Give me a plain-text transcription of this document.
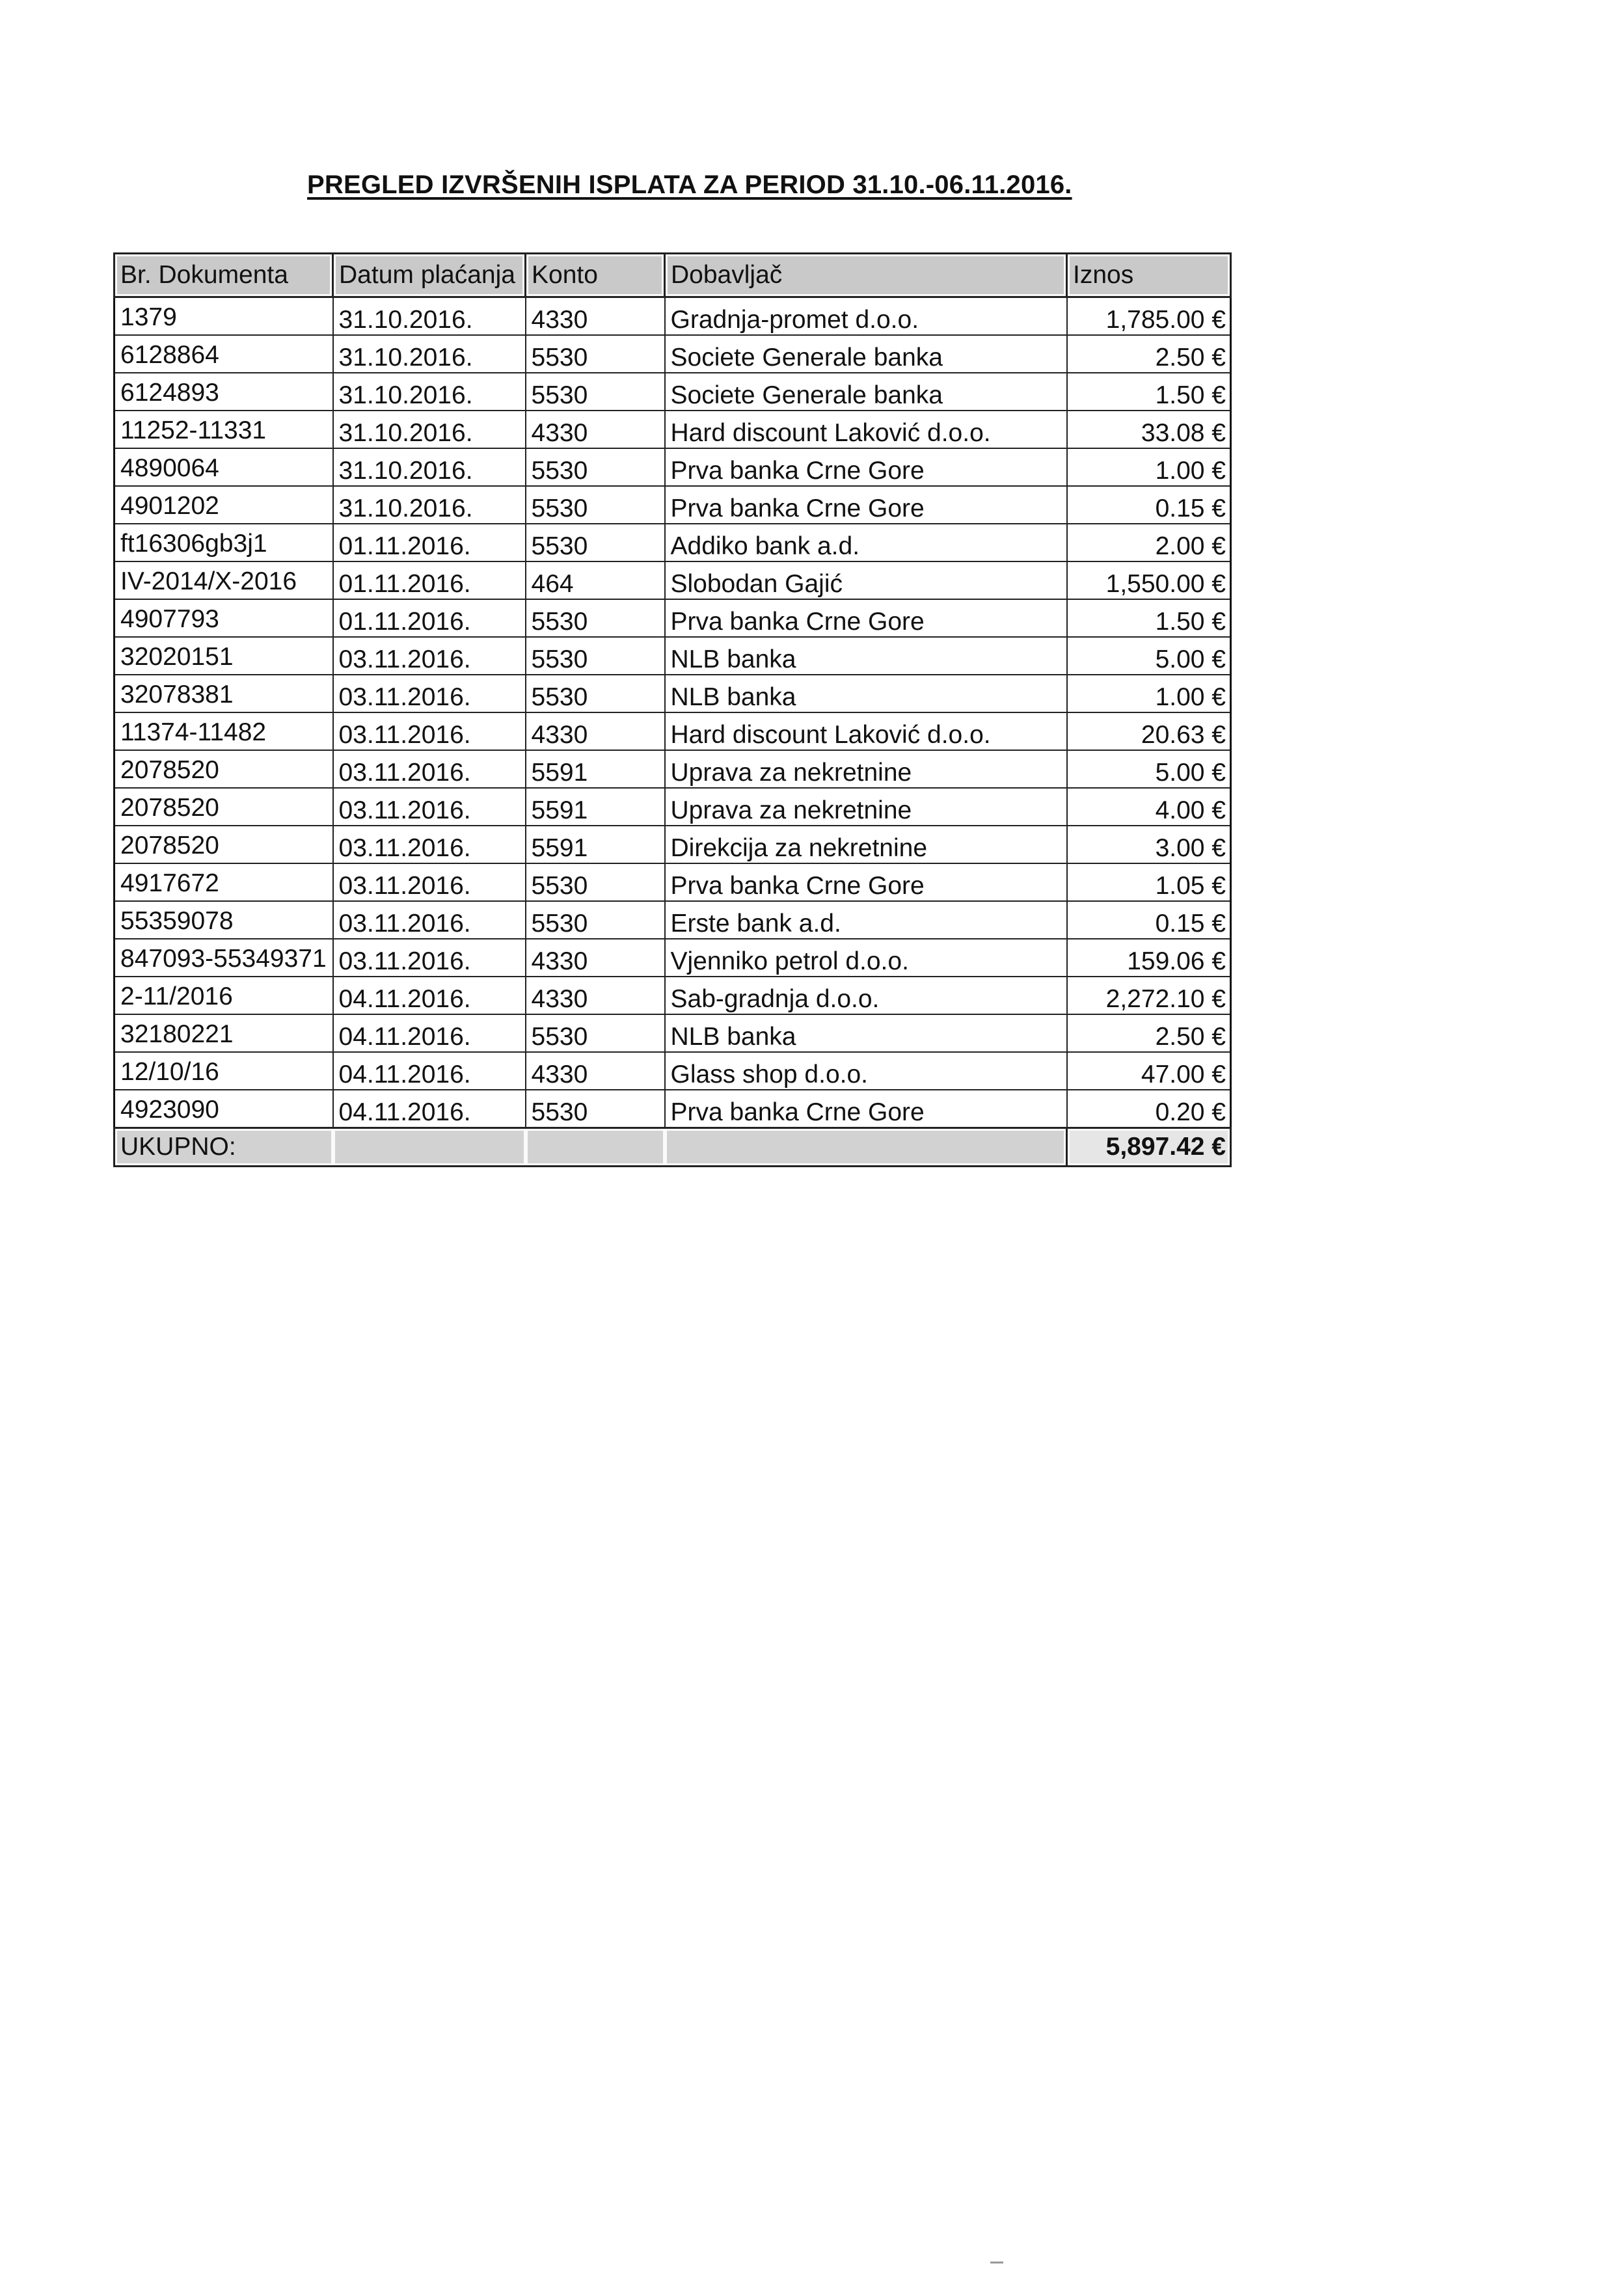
PREGLED IZVRŠENIH ISPLATA ZA PERIOD 31.10.-06.11.2016.
Br. Dokumenta	Datum plaćanja	Konto	Dobavljač	Iznos
1379	31.10.2016.	4330	Gradnja-promet d.o.o.	1,785.00 €
6128864	31.10.2016.	5530	Societe Generale banka	2.50 €
6124893	31.10.2016.	5530	Societe Generale banka	1.50 €
11252-11331	31.10.2016.	4330	Hard discount Laković d.o.o.	33.08 €
4890064	31.10.2016.	5530	Prva banka Crne Gore	1.00 €
4901202	31.10.2016.	5530	Prva banka Crne Gore	0.15 €
ft16306gb3j1	01.11.2016.	5530	Addiko bank a.d.	2.00 €
IV-2014/X-2016	01.11.2016.	464	Slobodan Gajić	1,550.00 €
4907793	01.11.2016.	5530	Prva banka Crne Gore	1.50 €
32020151	03.11.2016.	5530	NLB banka	5.00 €
32078381	03.11.2016.	5530	NLB banka	1.00 €
11374-11482	03.11.2016.	4330	Hard discount Laković d.o.o.	20.63 €
2078520	03.11.2016.	5591	Uprava za nekretnine	5.00 €
2078520	03.11.2016.	5591	Uprava za nekretnine	4.00 €
2078520	03.11.2016.	5591	Direkcija za nekretnine	3.00 €
4917672	03.11.2016.	5530	Prva banka Crne Gore	1.05 €
55359078	03.11.2016.	5530	Erste bank a.d.	0.15 €
847093-55349371	03.11.2016.	4330	Vjenniko petrol d.o.o.	159.06 €
2-11/2016	04.11.2016.	4330	Sab-gradnja d.o.o.	2,272.10 €
32180221	04.11.2016.	5530	NLB banka	2.50 €
12/10/16	04.11.2016.	4330	Glass shop d.o.o.	47.00 €
4923090	04.11.2016.	5530	Prva banka Crne Gore	0.20 €
UKUPNO:				5,897.42 €
